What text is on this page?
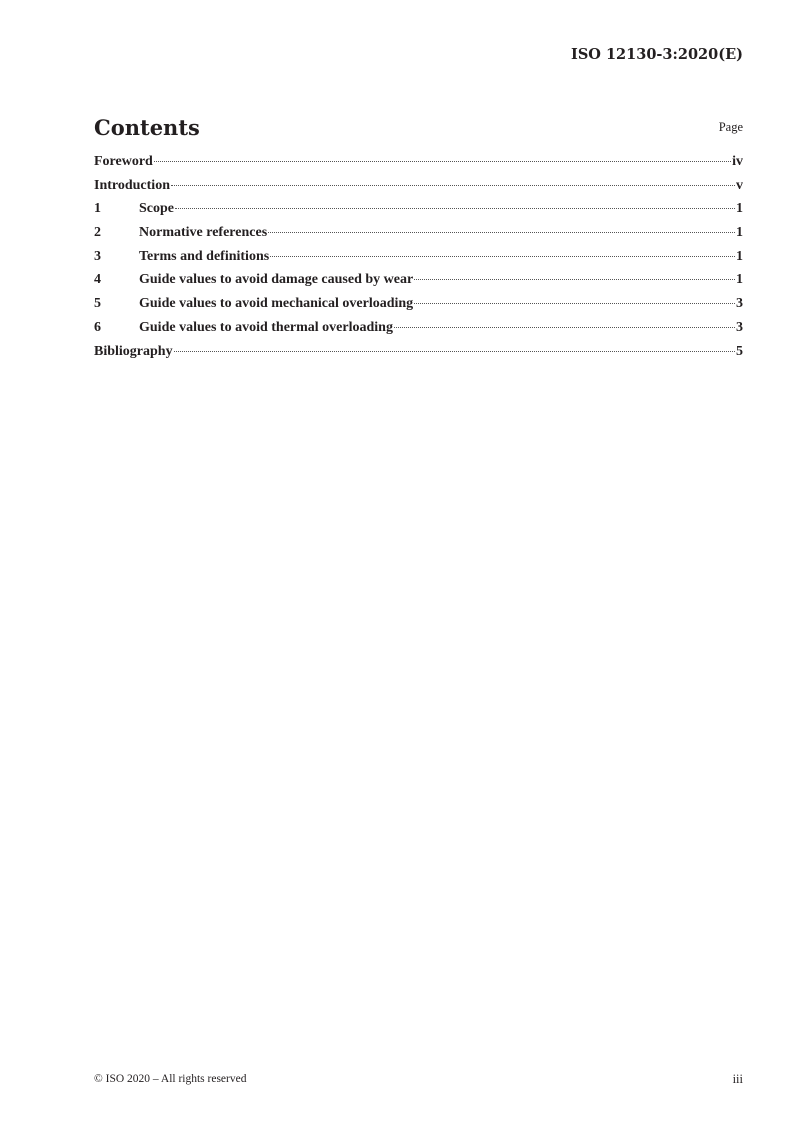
ISO 12130-3:2020(E)
Contents	Page
Foreword	iv
Introduction	v
1	Scope	1
2	Normative references	1
3	Terms and definitions	1
4	Guide values to avoid damage caused by wear	1
5	Guide values to avoid mechanical overloading	3
6	Guide values to avoid thermal overloading	3
Bibliography	5
© ISO 2020 – All rights reserved	iii
